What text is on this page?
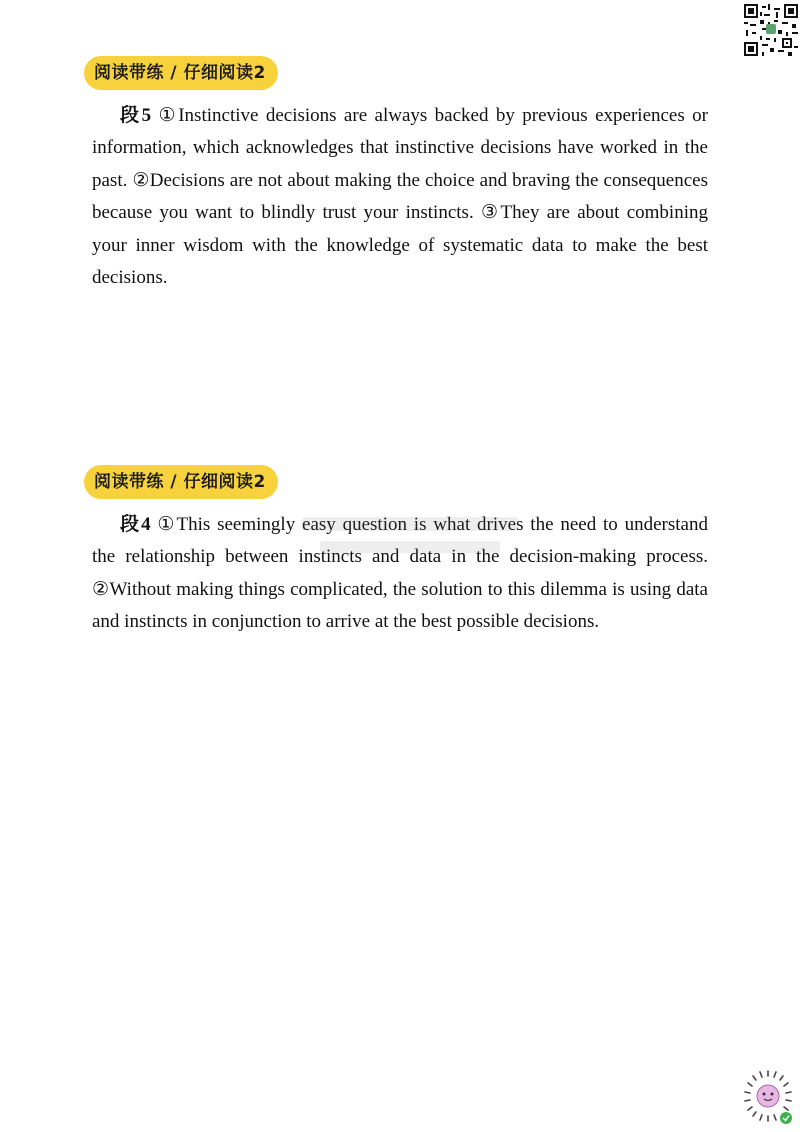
阅读带练 / 仔细阅读2

段5 ①Instinctive decisions are always backed by previous experiences or information, which acknowledges that instinctive decisions have worked in the past. ②Decisions are not about making the choice and braving the consequences because you want to blindly trust your instincts. ③They are about combining your inner wisdom with the knowledge of systematic data to make the best decisions.

阅读带练 / 仔细阅读2

段4 ①This seemingly easy question is what drives the need to understand the relationship between instincts and data in the decision-making process. ②Without making things complicated, the solution to this dilemma is using data and instincts in conjunction to arrive at the best possible decisions.
